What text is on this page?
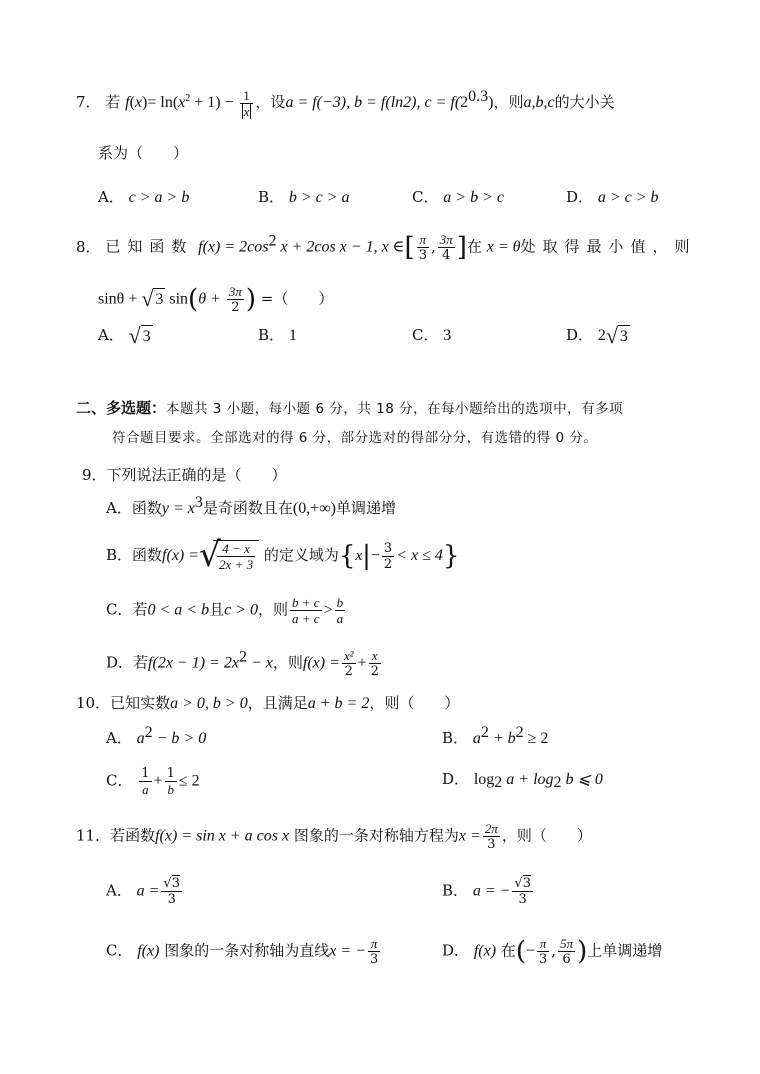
7． 若 $f(x)= \ln(x^2 + 1) - \frac{1}{x}$ ，设a = f(−3), b = f(ln2), $c = f(2^{0.3})$，则a,b,c的大小关
系为（　　）
A． c > a > b	B． b > c > a	C． a > b > c	D． a > c > b
8． 已知函数 $f(x) = 2\cos^2$ x + 2cos x − 1, x ∈[ $\frac{\pi}{3}$ , $\frac{3\pi}{4}$ ]在 x = θ处取得最小值，则
sinθ + √ 3 $\sin(\theta + \frac{3\pi}{2}$ ) =（　　）
A． √ 3	B． 1	C． 3	D． 2 √ 3
二、多选题：本题共 3 小题，每小题 6 分，共 18 分，在每小题给出的选项中，有多项
符合题目要求。全部选对的得 6 分，部分选对的得部分分，有选错的得 0 分。
9．下列说法正确的是（　　）
A．函数$y = x^3$是奇函数且在(0,+∞)单调递增
B．函数f(x) = √
$\frac{4 - x}{2x + 3}$ 的定义域为$\{x|- \frac{3}{2} < x \le 4\}$
C．若0 < a < b且c > 0，则 $\frac{b + c}{a + c} > \frac{b}{a}$
D．若$f(2x - 1) = 2x^2 - x$，则$f(x) = \frac{\text{x²}}{2} + \frac{x}{2}$
10．已知实数a > 0, b > 0，且满足a + b = 2，则（　　）
A． $a^2 - b > 0$	B． $a^2 + b^2 \ge 2$
C． $\frac{1}{a} + \frac{1}{b} \le 2$	D． $\log_2 a + \log_2 b$ ⩽ 0
11．若函数f(x) = sin x + a cos x 图象的一条对称轴方程为$x = \frac{2\pi}{3}$ ，则（　　）
A． $a = \frac{√3}{3}$	B． a = − $\frac{√3}{3}$
C． f(x) 图象的一条对称轴为直线x = − $\frac{\pi}{3}$	D． f(x) 在(− $\frac{\pi}{3}$ , $\frac{5\pi}{6}$ )上单调递增
